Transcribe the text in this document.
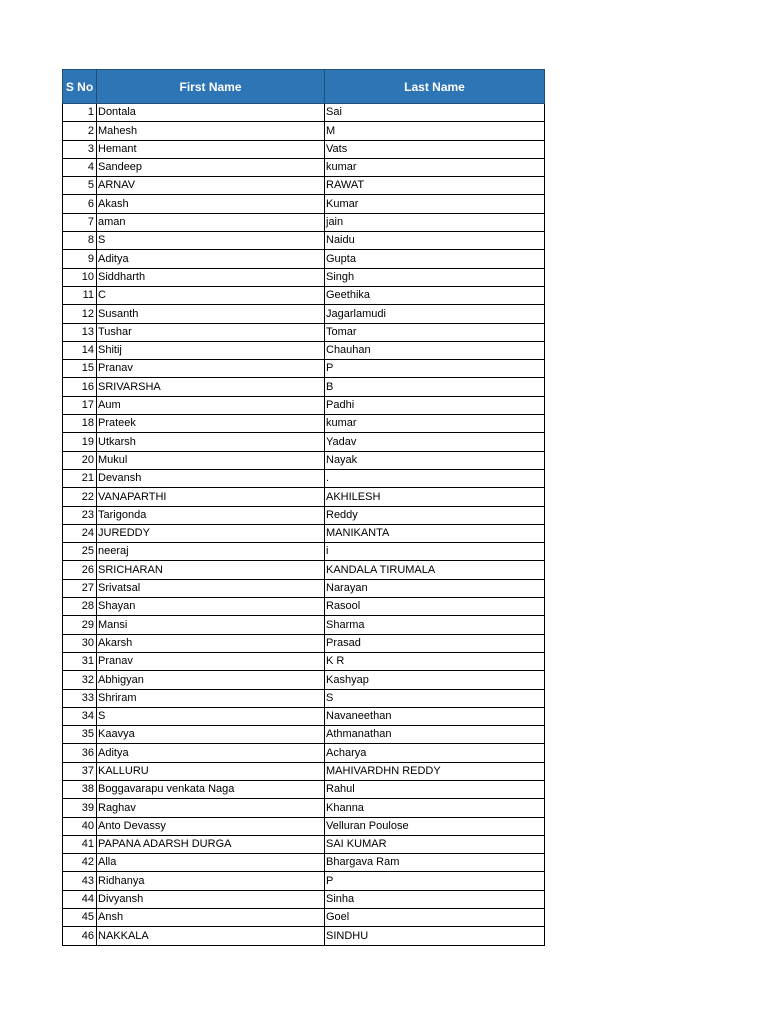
S No	First Name	Last Name
1	Dontala	Sai
2	Mahesh	M
3	Hemant	Vats
4	Sandeep	kumar
5	ARNAV	RAWAT
6	Akash	Kumar
7	aman	jain
8	S	Naidu
9	Aditya	Gupta
10	Siddharth	Singh
11	C	Geethika
12	Susanth	Jagarlamudi
13	Tushar	Tomar
14	Shitij	Chauhan
15	Pranav	P
16	SRIVARSHA	B
17	Aum	Padhi
18	Prateek	kumar
19	Utkarsh	Yadav
20	Mukul	Nayak
21	Devansh	.
22	VANAPARTHI	AKHILESH
23	Tarigonda	Reddy
24	JUREDDY	MANIKANTA
25	neeraj	i
26	SRICHARAN	KANDALA TIRUMALA
27	Srivatsal	Narayan
28	Shayan	Rasool
29	Mansi	Sharma
30	Akarsh	Prasad
31	Pranav	K R
32	Abhigyan	Kashyap
33	Shriram	S
34	S	Navaneethan
35	Kaavya	Athmanathan
36	Aditya	Acharya
37	KALLURU	MAHIVARDHN REDDY
38	Boggavarapu venkata Naga	Rahul
39	Raghav	Khanna
40	Anto Devassy	Velluran Poulose
41	PAPANA ADARSH DURGA	SAI KUMAR
42	Alla	Bhargava Ram
43	Ridhanya	P
44	Divyansh	Sinha
45	Ansh	Goel
46	NAKKALA	SINDHU
